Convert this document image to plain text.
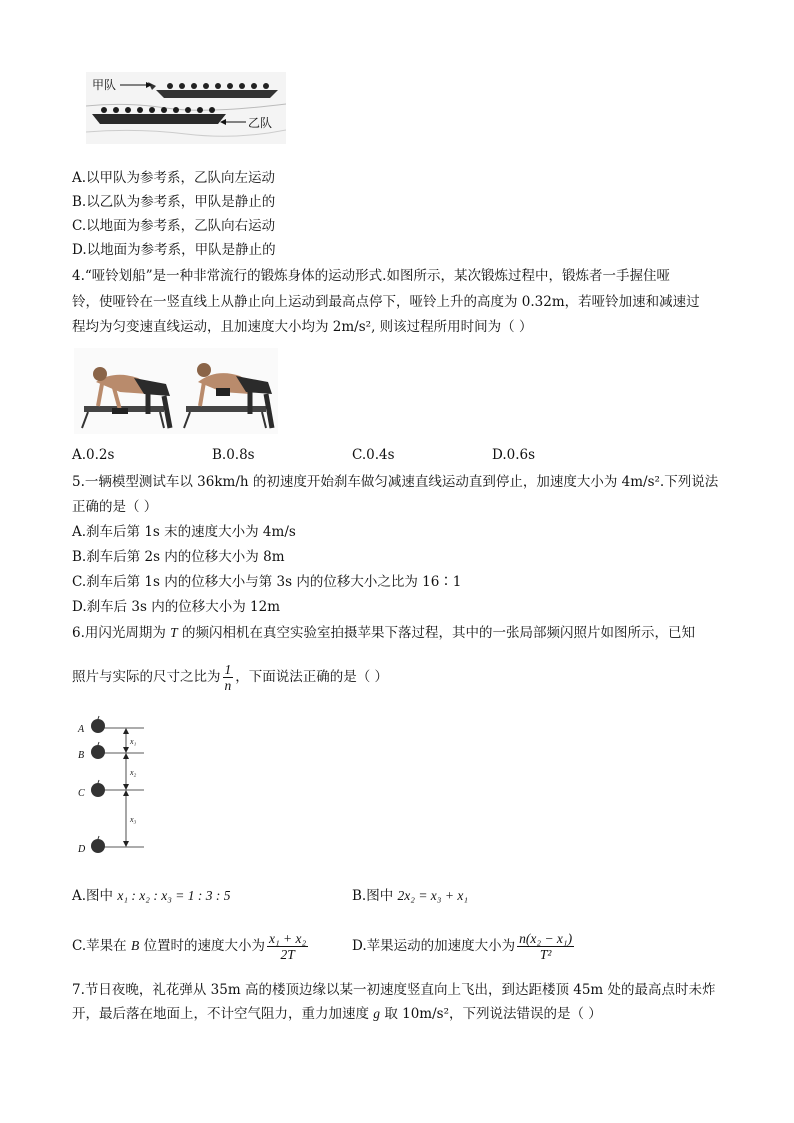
甲队
乙队
A.以甲队为参考系，乙队向左运动
B.以乙队为参考系，甲队是静止的
C.以地面为参考系，乙队向右运动
D.以地面为参考系，甲队是静止的
4.“哑铃划船”是一种非常流行的锻炼身体的运动形式.如图所示，某次锻炼过程中，锻炼者一手握住哑
铃，使哑铃在一竖直线上从静止向上运动到最高点停下，哑铃上升的高度为 0.32m，若哑铃加速和减速过
程均为匀变速直线运动，且加速度大小均为 2m/s², 则该过程所用时间为（ ）
A.0.2s	B.0.8s	C.0.4s	D.0.6s
5.一辆模型测试车以 36km/h 的初速度开始刹车做匀减速直线运动直到停止，加速度大小为 4m/s².下列说法
正确的是（ ）
A.刹车后第 1s 末的速度大小为 4m/s
B.刹车后第 2s 内的位移大小为 8m
C.刹车后第 1s 内的位移大小与第 3s 内的位移大小之比为 16∶1
D.刹车后 3s 内的位移大小为 12m
6.用闪光周期为 T 的频闪相机在真空实验室拍摄苹果下落过程，其中的一张局部频闪照片如图所示，已知
照片与实际的尺寸之比为 $\frac{1}{n}$ ，下面说法正确的是（ ）
A
B
C
D
x₁
x₂
x₃
A.图中 x₁ : x₂ : x₃ = 1 : 3 : 5	B.图中 2x₂ = x₃ + x₁
C.苹果在 B 位置时的速度大小为 $\frac{\text{x₁ + x₂}}{2T}$	D.苹果运动的加速度大小为 $\frac{\text{n(x₂ − x₁)}}{\text{T²}}$
7.节日夜晚，礼花弹从 35m 高的楼顶边缘以某一初速度竖直向上飞出，到达距楼顶 45m 处的最高点时未炸
开，最后落在地面上，不计空气阻力，重力加速度 g 取 10m/s²，下列说法错误的是（ ）
